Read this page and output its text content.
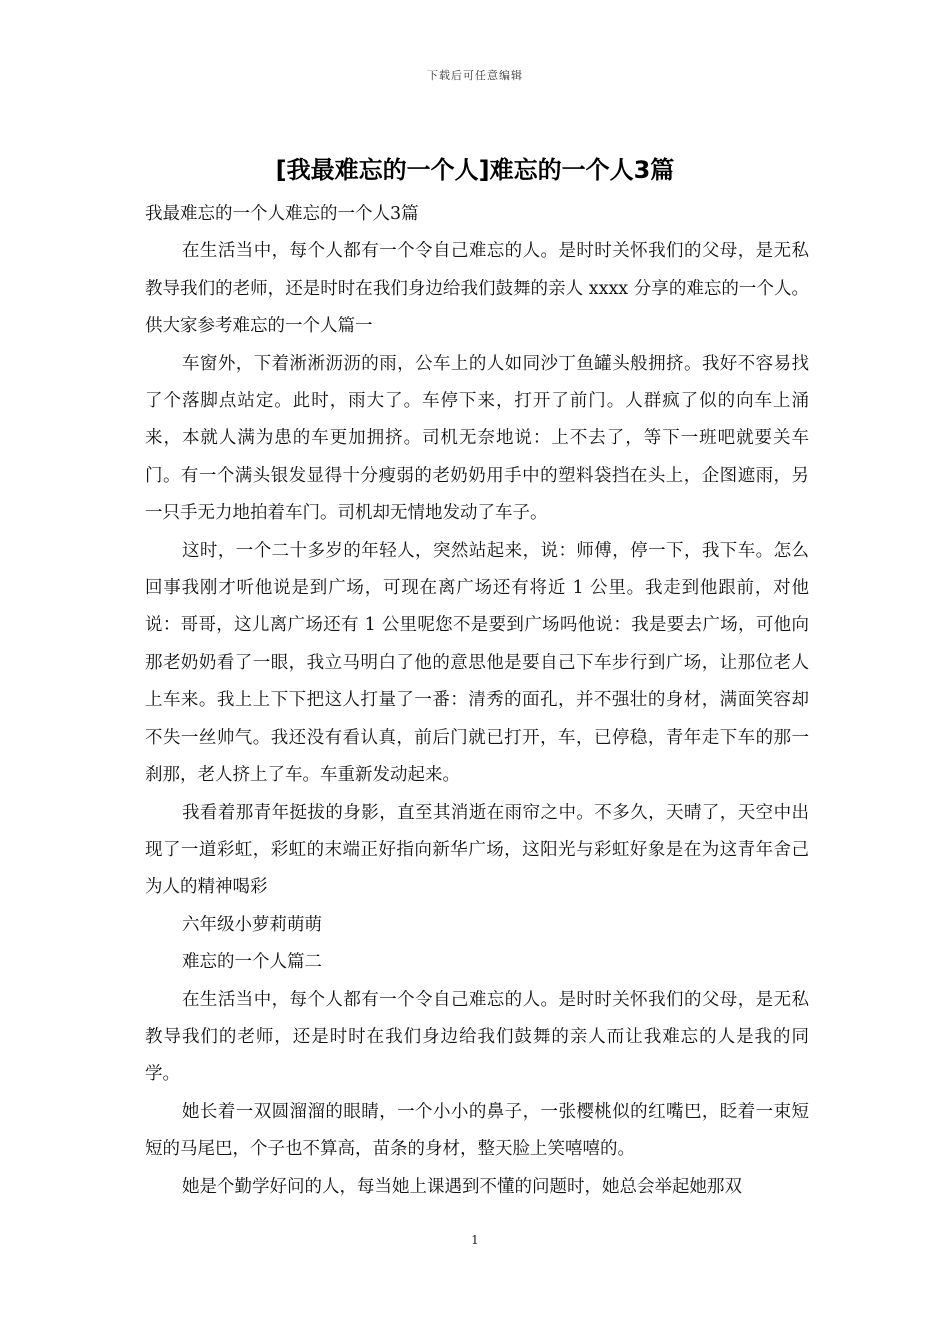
下载后可任意编辑
[我最难忘的一个人]难忘的一个人3篇

我最难忘的一个人难忘的一个人3篇

在生活当中，每个人都有一个令自己难忘的人。是时时关怀我们的父母，是无私教导我们的老师，还是时时在我们身边给我们鼓舞的亲人 xxxx 分享的难忘的一个人。供大家参考难忘的一个人篇一

车窗外，下着淅淅沥沥的雨，公车上的人如同沙丁鱼罐头般拥挤。我好不容易找了个落脚点站定。此时，雨大了。车停下来，打开了前门。人群疯了似的向车上涌来，本就人满为患的车更加拥挤。司机无奈地说：上不去了，等下一班吧就要关车门。有一个满头银发显得十分瘦弱的老奶奶用手中的塑料袋挡在头上，企图遮雨，另一只手无力地拍着车门。司机却无情地发动了车子。

这时，一个二十多岁的年轻人，突然站起来，说：师傅，停一下，我下车。怎么回事我刚才听他说是到广场，可现在离广场还有将近 1 公里。我走到他跟前，对他说：哥哥，这儿离广场还有 1 公里呢您不是要到广场吗他说：我是要去广场，可他向那老奶奶看了一眼，我立马明白了他的意思他是要自己下车步行到广场，让那位老人上车来。我上上下下把这人打量了一番：清秀的面孔，并不强壮的身材，满面笑容却不失一丝帅气。我还没有看认真，前后门就已打开，车，已停稳，青年走下车的那一刹那，老人挤上了车。车重新发动起来。

我看着那青年挺拔的身影，直至其消逝在雨帘之中。不多久，天晴了，天空中出现了一道彩虹，彩虹的末端正好指向新华广场，这阳光与彩虹好象是在为这青年舍己为人的精神喝彩

六年级小萝莉萌萌

难忘的一个人篇二

在生活当中，每个人都有一个令自己难忘的人。是时时关怀我们的父母，是无私教导我们的老师，还是时时在我们身边给我们鼓舞的亲人而让我难忘的人是我的同学。

她长着一双圆溜溜的眼睛，一个小小的鼻子，一张樱桃似的红嘴巴，眨着一束短短的马尾巴，个子也不算高，苗条的身材，整天脸上笑嘻嘻的。

她是个勤学好问的人，每当她上课遇到不懂的问题时，她总会举起她那双

1
